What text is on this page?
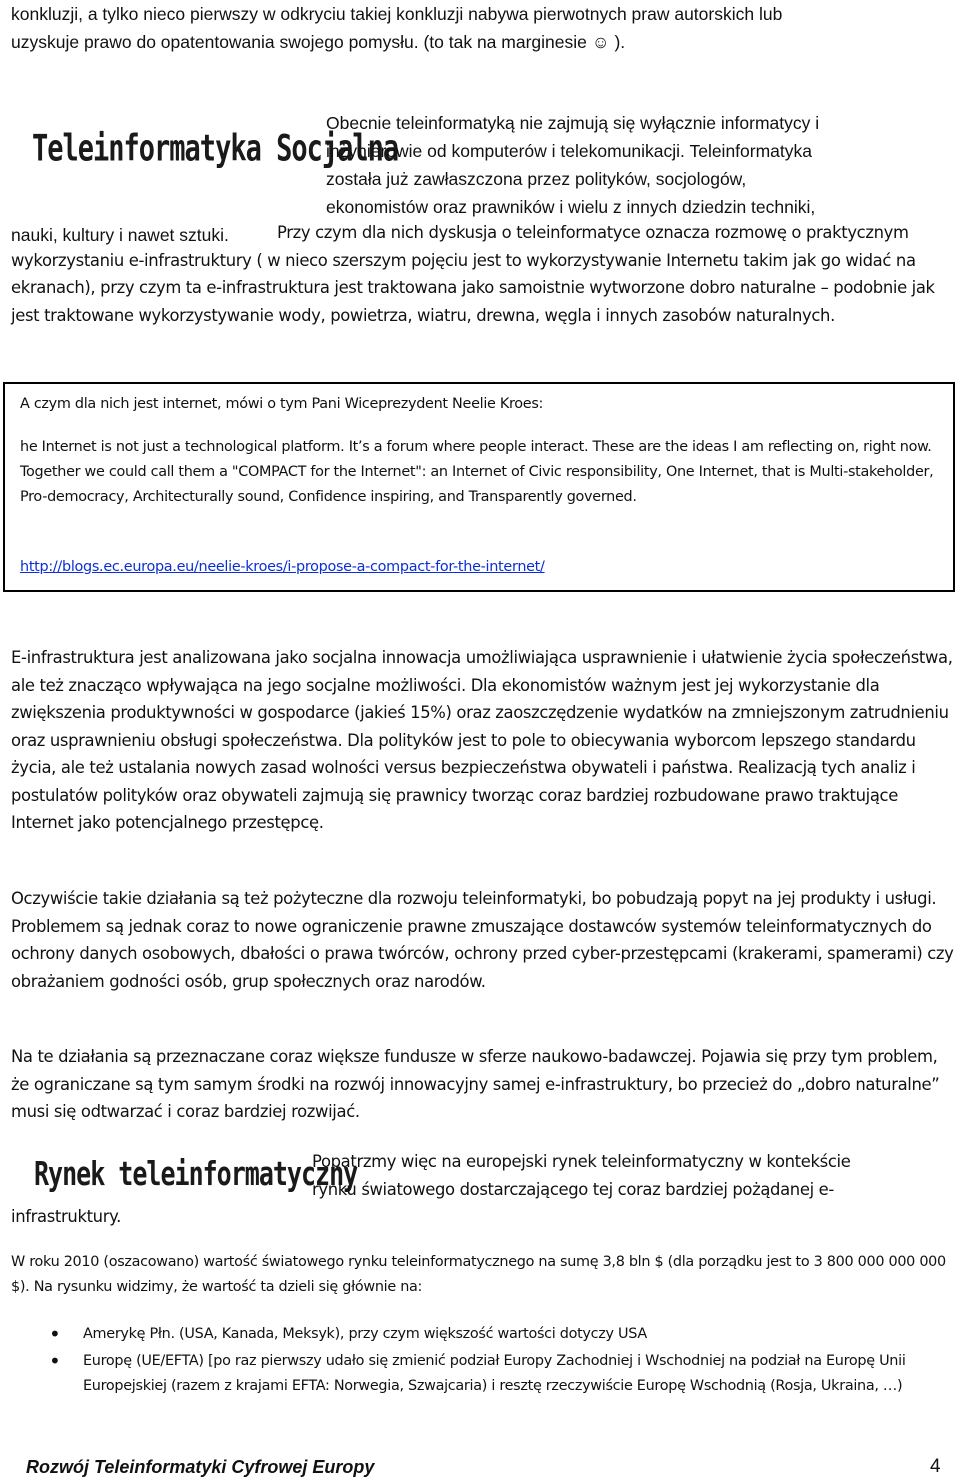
konkluzji, a tylko nieco pierwszy w odkryciu takiej konkluzji nabywa pierwotnych praw autorskich lub
uzyskuje prawo do opatentowania swojego pomysłu. (to tak na marginesie ☺ ).
Teleinformatyka Socjalna
Obecnie teleinformatyką nie zajmują się wyłącznie informatycy i
inżynierowie od komputerów i telekomunikacji. Teleinformatyka
została już zawłaszczona przez polityków, socjologów,
ekonomistów oraz prawników i wielu z innych dziedzin techniki,
nauki, kultury i nawet sztuki.	Przy czym dla nich dyskusja o teleinformatyce oznacza rozmowę o praktycznym wykorzystaniu e-infrastruktury ( w nieco szerszym pojęciu jest to wykorzystywanie Internetu takim jak go widać na ekranach), przy czym ta e-infrastruktura jest traktowana jako samoistnie wytworzone dobro naturalne – podobnie jak jest traktowane wykorzystywanie wody, powietrza, wiatru, drewna, węgla i innych zasobów naturalnych.
A czym dla nich jest internet, mówi o tym Pani Wiceprezydent Neelie Kroes:
he Internet is not just a technological platform. It’s a forum where people interact. These are the ideas I am reflecting on, right now. Together we could call them a "COMPACT for the Internet": an Internet of Civic responsibility, One Internet, that is Multi-stakeholder, Pro-democracy, Architecturally sound, Confidence inspiring, and Transparently governed.
http://blogs.ec.europa.eu/neelie-kroes/i-propose-a-compact-for-the-internet/
E-infrastruktura jest analizowana jako socjalna innowacja umożliwiająca usprawnienie i ułatwienie życia społeczeństwa, ale też znacząco wpływająca na jego socjalne możliwości. Dla ekonomistów ważnym jest jej wykorzystanie dla zwiększenia produktywności w gospodarce (jakieś 15%) oraz zaoszczędzenie wydatków na zmniejszonym zatrudnieniu oraz usprawnieniu obsługi społeczeństwa. Dla polityków jest to pole to obiecywania wyborcom lepszego standardu życia, ale też ustalania nowych zasad wolności versus bezpieczeństwa obywateli i państwa. Realizacją tych analiz i postulatów polityków oraz obywateli zajmują się prawnicy tworząc coraz bardziej rozbudowane prawo traktujące Internet jako potencjalnego przestępcę.
Oczywiście takie działania są też pożyteczne dla rozwoju teleinformatyki, bo pobudzają popyt na jej produkty i usługi. Problemem są jednak coraz to nowe ograniczenie prawne zmuszające dostawców systemów teleinformatycznych do ochrony danych osobowych, dbałości o prawa twórców, ochrony przed cyber-przestępcami (krakerami, spamerami) czy obrażaniem godności osób, grup społecznych oraz narodów.
Na te działania są przeznaczane coraz większe fundusze w sferze naukowo-badawczej. Pojawia się przy tym problem, że ograniczane są tym samym środki na rozwój innowacyjny samej e-infrastruktury, bo przecież do „dobro naturalne” musi się odtwarzać i coraz bardziej rozwijać.
Rynek teleinformatyczny
Popatrzmy więc na europejski rynek teleinformatyczny w kontekście
rynku światowego dostarczającego tej coraz bardziej pożądanej e-
infrastruktury.
W roku 2010 (oszacowano) wartość światowego rynku teleinformatycznego na sumę 3,8 bln $ (dla porządku jest to 3 800 000 000 000 $). Na rysunku widzimy, że wartość ta dzieli się głównie na:
• Amerykę Płn. (USA, Kanada, Meksyk), przy czym większość wartości dotyczy USA
• Europę (UE/EFTA) [po raz pierwszy udało się zmienić podział Europy Zachodniej i Wschodniej na podział na Europę Unii Europejskiej (razem z krajami EFTA: Norwegia, Szwajcaria) i resztę rzeczywiście Europę Wschodnią (Rosja, Ukraina, …)
Rozwój Teleinformatyki Cyfrowej Europy	4
